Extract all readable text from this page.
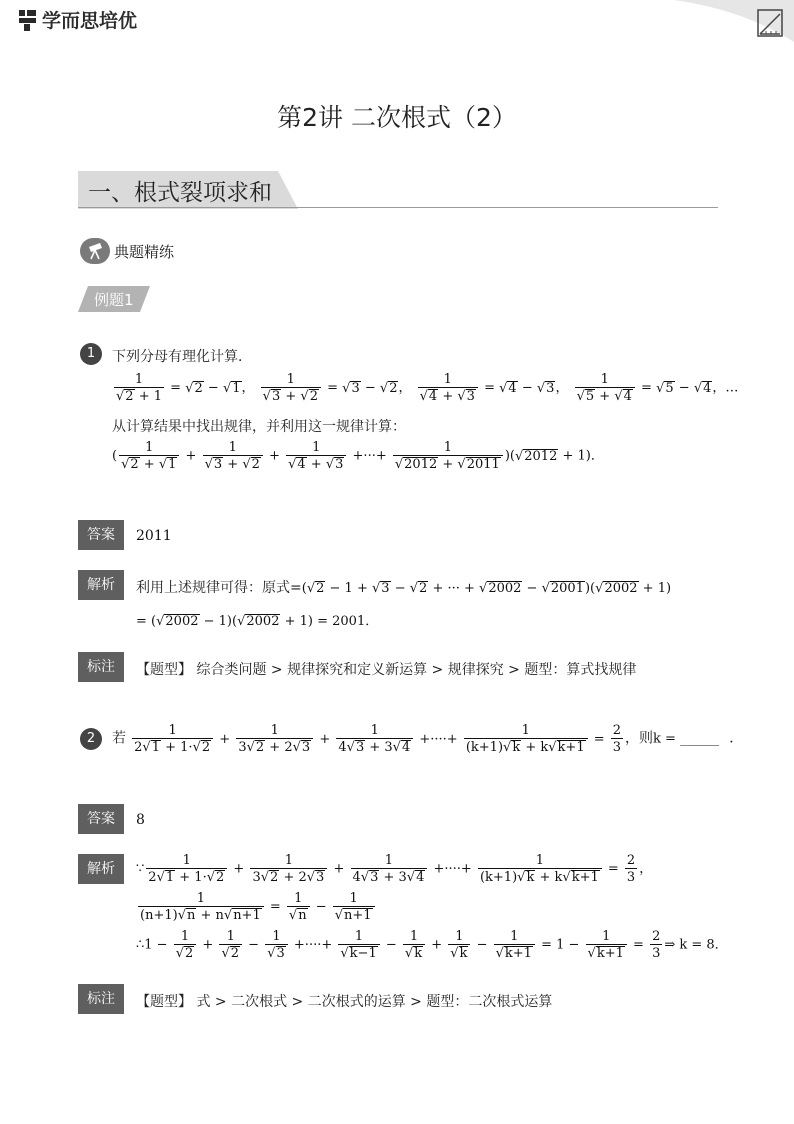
学而思培优
第2讲 二次根式（2）
一、根式裂项求和
典题精练
例题1
1	下列分母有理化计算．
$\frac{1}{√2 + 1} = √2 - √1$， $\frac{1}{√3 + √2} = √3 - √2$， $\frac{1}{√4 + √3} = √4 - √3$， $\frac{1}{√5 + √4} = √5 - √4$，…
从计算结果中找出规律，并利用这一规律计算：
( $\frac{1}{√2 + √1} + \frac{1}{√3 + √2} + \frac{1}{√4 + √3}$ +···+ $\frac{1}{√2012 + √2011} )(√2012 + 1)$．
答案	2011
解析	利用上述规律可得：原式=(√2 − 1 + √3 − √2 + ··· + √2002 − √2001)(√2002 + 1)
= (√2002 − 1)(√2002 + 1) = 2001．
标注	【题型】 综合类问题 > 规律探究和定义新运算 > 规律探究 > 题型：算式找规律
2	若 $\frac{1}{2√1 + 1\cdot√2} + \frac{1}{3√2 + 2√3} + \frac{1}{4√3 + 3√4}$ +····+ $\frac{1}{(k+1)√k + k√k+1} = \frac{2}{3}$ ，则k = ______ ．
答案	8
解析	∵ $\frac{1}{2√1 + 1\cdot√2} + \frac{1}{3√2 + 2√3} + \frac{1}{4√3 + 3√4}$ +····+ $\frac{1}{(k+1)√k + k√k+1} = \frac{2}{3}$ ，
$\frac{1}{(n+1)√n + n√n+1} = \frac{1}{√n} - \frac{1}{√n+1}$
∴1 − $\frac{1}{√2} + \frac{1}{√2} - \frac{1}{√3}$ +····+ $\frac{1}{√k-1} - \frac{1}{√k} + \frac{1}{√k} - \frac{1}{√k+1} = 1 - \frac{1}{√k+1} = \frac{2}{3}$ ⇒ k = 8．
标注	【题型】 式 > 二次根式 > 二次根式的运算 > 题型：二次根式运算
